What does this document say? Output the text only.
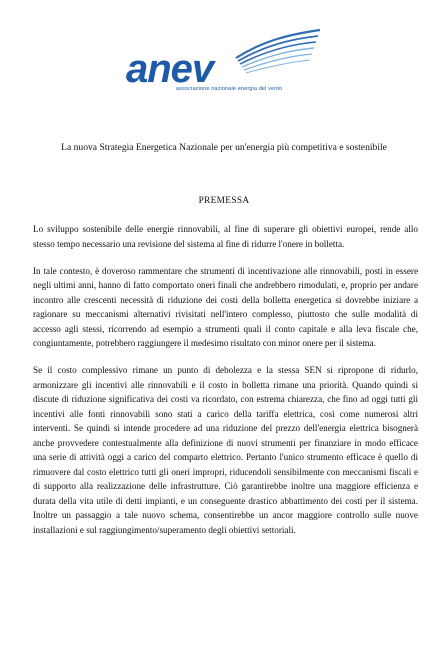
anev
associazione nazionale energia del vento
La nuova Strategia Energetica Nazionale per un'energia più competitiva e sostenibile
PREMESSA

Lo sviluppo sostenibile delle energie rinnovabili, al fine di superare gli obiettivi europei, rende allo stesso tempo necessario una revisione del sistema al fine di ridurre l'onere in bolletta.

In tale contesto, è doveroso rammentare che strumenti di incentivazione alle rinnovabili, posti in essere negli ultimi anni, hanno di fatto comportato oneri finali che andrebbero rimodulati, e, proprio per andare incontro alle crescenti necessità di riduzione dei costi della bolletta energetica si dovrebbe iniziare a ragionare su meccanismi alternativi rivisitati nell'intero complesso, piuttosto che sulle modalità di accesso agli stessi, ricorrendo ad esempio a strumenti quali il conto capitale e alla leva fiscale che, congiuntamente, potrebbero raggiungere il medesimo risultato con minor onere per il sistema.

Se il costo complessivo rimane un punto di debolezza e la stessa SEN si ripropone di ridurlo, armonizzare gli incentivi alle rinnovabili e il costo in bolletta rimane una priorità. Quando quindi si discute di riduzione significativa dei costi va ricordato, con estrema chiarezza, che fino ad oggi tutti gli incentivi alle fonti rinnovabili sono stati a carico della tariffa elettrica, così come numerosi altri interventi. Se quindi si intende procedere ad una riduzione del prezzo dell'energia elettrica bisognerà anche provvedere contestualmente alla definizione di nuovi strumenti per finanziare in modo efficace una serie di attività oggi a carico del comparto elettrico. Pertanto l'unico strumento efficace è quello di rimuovere dal costo elettrico tutti gli oneri impropri, riducendoli sensibilmente con meccanismi fiscali e di supporto alla realizzazione delle infrastrutture. Ciò garantirebbe inoltre una maggiore efficienza e durata della vita utile di detti impianti, e un conseguente drastico abbattimento dei costi per il sistema. Inoltre un passaggio a tale nuovo schema, consentirebbe un ancor maggiore controllo sulle nuove installazioni e sul raggiungimento/superamento degli obiettivi settoriali.
